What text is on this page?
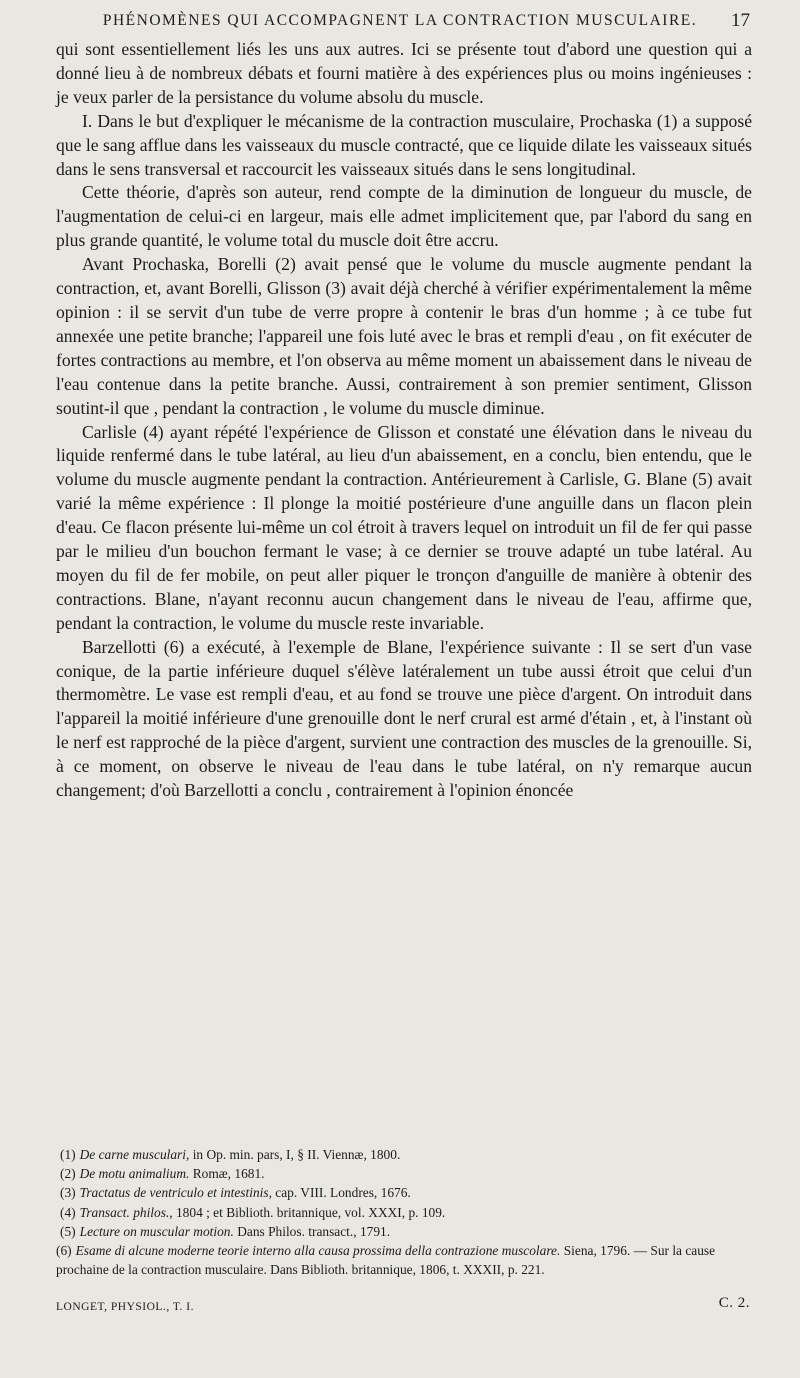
PHÉNOMÈNES QUI ACCOMPAGNENT LA CONTRACTION MUSCULAIRE.	17

qui sont essentiellement liés les uns aux autres. Ici se présente tout d'abord une question qui a donné lieu à de nombreux débats et fourni matière à des expériences plus ou moins ingénieuses : je veux parler de la persistance du volume absolu du muscle.

I. Dans le but d'expliquer le mécanisme de la contraction musculaire, Prochaska (1) a supposé que le sang afflue dans les vaisseaux du muscle contracté, que ce liquide dilate les vaisseaux situés dans le sens transversal et raccourcit les vaisseaux situés dans le sens longitudinal.

Cette théorie, d'après son auteur, rend compte de la diminution de longueur du muscle, de l'augmentation de celui-ci en largeur, mais elle admet implicitement que, par l'abord du sang en plus grande quantité, le volume total du muscle doit être accru.

Avant Prochaska, Borelli (2) avait pensé que le volume du muscle augmente pendant la contraction, et, avant Borelli, Glisson (3) avait déjà cherché à vérifier expérimentalement la même opinion : il se servit d'un tube de verre propre à contenir le bras d'un homme ; à ce tube fut annexée une petite branche; l'appareil une fois luté avec le bras et rempli d'eau , on fit exécuter de fortes contractions au membre, et l'on observa au même moment un abaissement dans le niveau de l'eau contenue dans la petite branche. Aussi, contrairement à son premier sentiment, Glisson soutint-il que , pendant la contraction , le volume du muscle diminue.

Carlisle (4) ayant répété l'expérience de Glisson et constaté une élévation dans le niveau du liquide renfermé dans le tube latéral, au lieu d'un abaissement, en a conclu, bien entendu, que le volume du muscle augmente pendant la contraction. Antérieurement à Carlisle, G. Blane (5) avait varié la même expérience : Il plonge la moitié postérieure d'une anguille dans un flacon plein d'eau. Ce flacon présente lui-même un col étroit à travers lequel on introduit un fil de fer qui passe par le milieu d'un bouchon fermant le vase; à ce dernier se trouve adapté un tube latéral. Au moyen du fil de fer mobile, on peut aller piquer le tronçon d'anguille de manière à obtenir des contractions. Blane, n'ayant reconnu aucun changement dans le niveau de l'eau, affirme que, pendant la contraction, le volume du muscle reste invariable.

Barzellotti (6) a exécuté, à l'exemple de Blane, l'expérience suivante : Il se sert d'un vase conique, de la partie inférieure duquel s'élève latéralement un tube aussi étroit que celui d'un thermomètre. Le vase est rempli d'eau, et au fond se trouve une pièce d'argent. On introduit dans l'appareil la moitié inférieure d'une grenouille dont le nerf crural est armé d'étain , et, à l'instant où le nerf est rapproché de la pièce d'argent, survient une contraction des muscles de la grenouille. Si, à ce moment, on observe le niveau de l'eau dans le tube latéral, on n'y remarque aucun changement; d'où Barzellotti a conclu , contrairement à l'opinion énoncée

(1) De carne musculari, in Op. min. pars, I, § II. Viennæ, 1800.

(2) De motu animalium. Romæ, 1681.

(3) Tractatus de ventriculo et intestinis, cap. VIII. Londres, 1676.

(4) Transact. philos., 1804 ; et Biblioth. britannique, vol. XXXI, p. 109.

(5) Lecture on muscular motion. Dans Philos. transact., 1791.

(6) Esame di alcune moderne teorie interno alla causa prossima della contrazione muscolare. Siena, 1796. — Sur la cause prochaine de la contraction musculaire. Dans Biblioth. britannique, 1806, t. XXXII, p. 221.

LONGET, PHYSIOL., T. I.	C. 2.
